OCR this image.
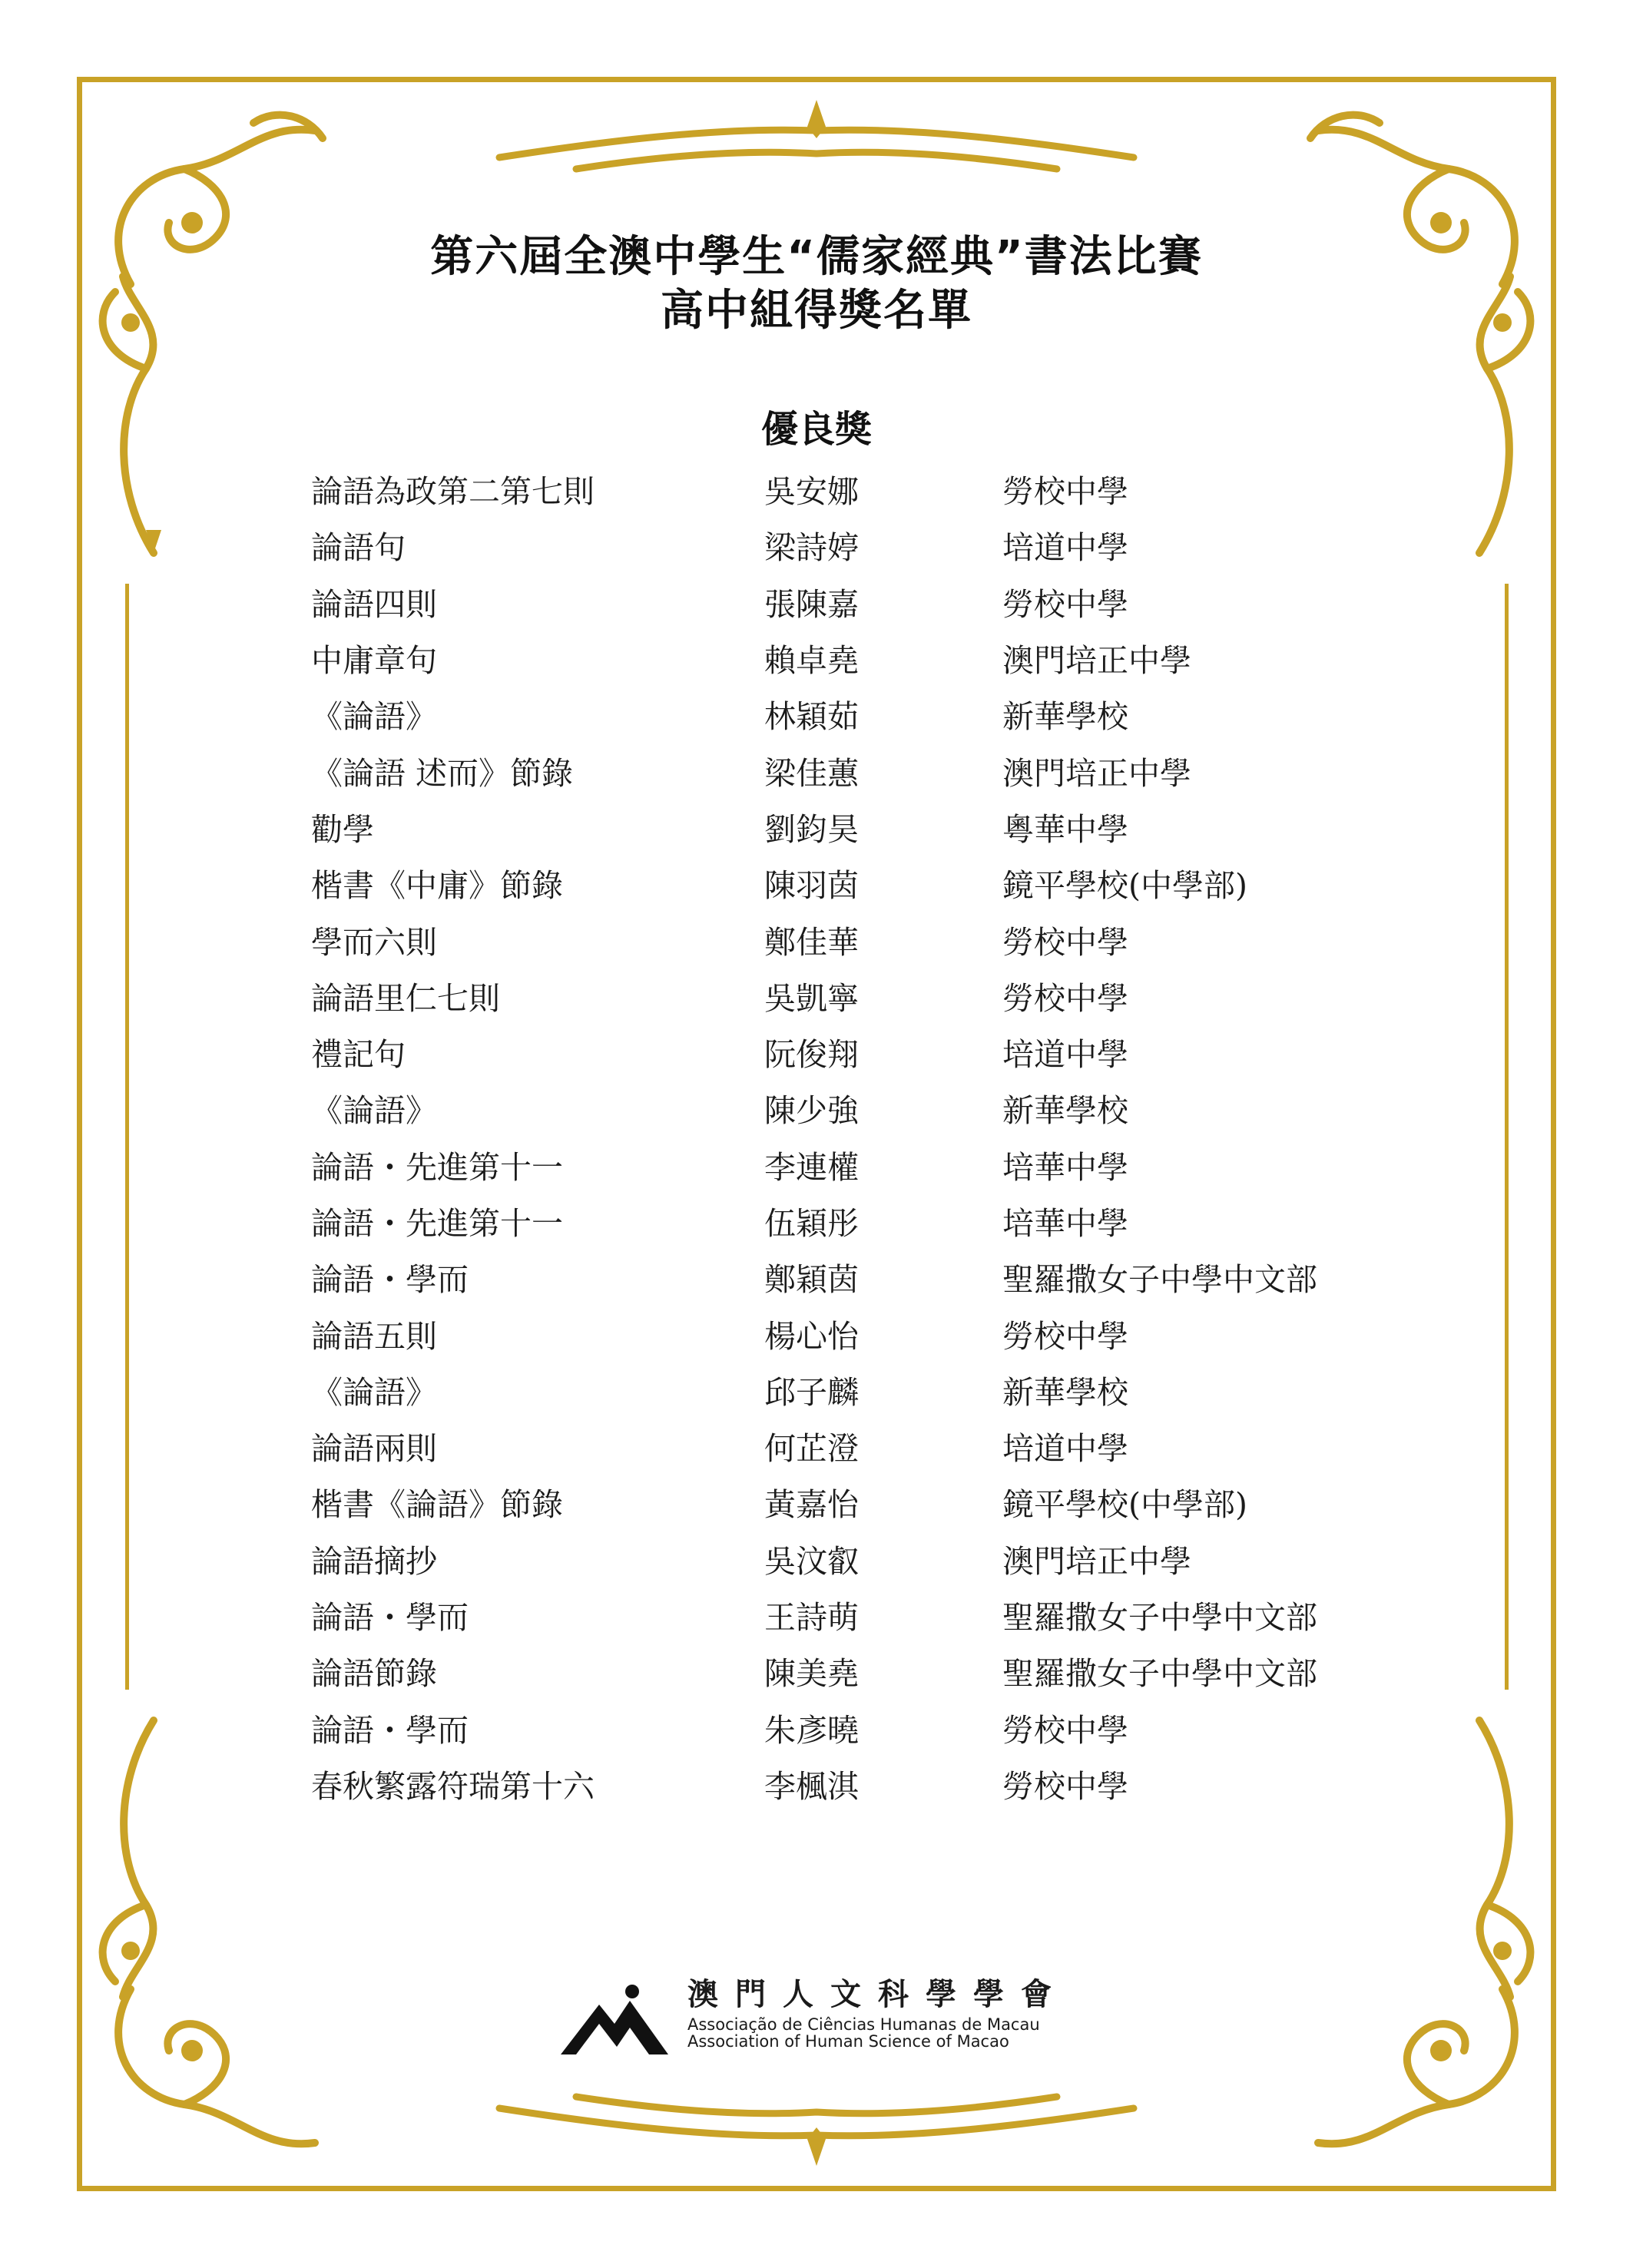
第六屆全澳中學生“儒家經典”書法比賽
高中組得獎名單
優良獎
論語為政第二第七則	吳安娜	勞校中學
論語句	梁詩婷	培道中學
論語四則	張陳嘉	勞校中學
中庸章句	賴卓堯	澳門培正中學
《論語》	林穎茹	新華學校
《論語 述而》節錄	梁佳蕙	澳門培正中學
勸學	劉鈞昊	粵華中學
楷書《中庸》節錄	陳羽茵	鏡平學校(中學部)
學而六則	鄭佳華	勞校中學
論語里仁七則	吳凱寧	勞校中學
禮記句	阮俊翔	培道中學
《論語》	陳少強	新華學校
論語・先進第十一	李連權	培華中學
論語・先進第十一	伍穎彤	培華中學
論語・學而	鄭穎茵	聖羅撒女子中學中文部
論語五則	楊心怡	勞校中學
《論語》	邱子麟	新華學校
論語兩則	何芷澄	培道中學
楷書《論語》節錄	黃嘉怡	鏡平學校(中學部)
論語摘抄	吳汶叡	澳門培正中學
論語・學而	王詩萌	聖羅撒女子中學中文部
論語節錄	陳美堯	聖羅撒女子中學中文部
論語・學而	朱彥曉	勞校中學
春秋繁露符瑞第十六	李楓淇	勞校中學
澳門人文科學學會
Associação de Ciências Humanas de Macau
Association of Human Science of Macao
